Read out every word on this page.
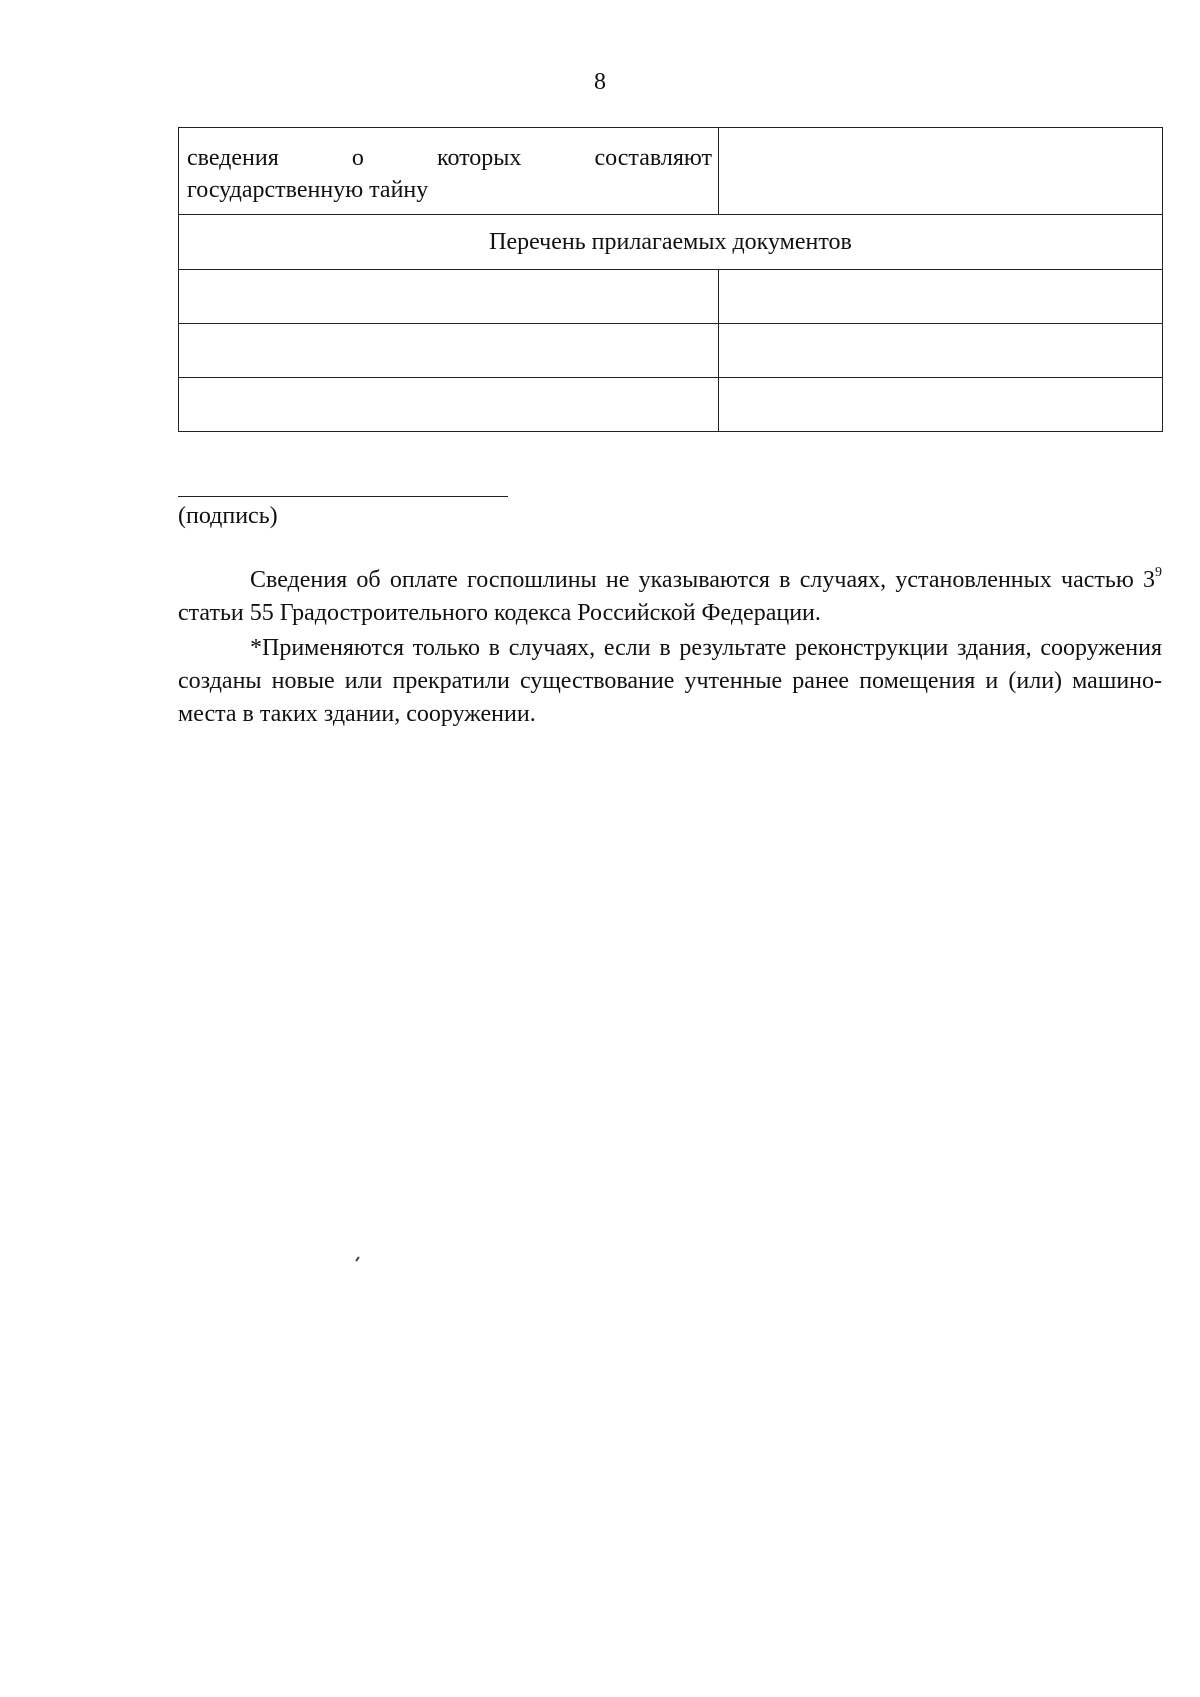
8
сведения о которых составляют
государственную тайну	

Перечень прилагаемых документов	

(подпись)

Сведения об оплате госпошлины не указываются в случаях, установленных частью $3^9$ статьи 55 Градостроительного кодекса Российской Федерации.

*Применяются только в случаях, если в результате реконструкции здания, сооружения созданы новые или прекратили существование учтенные ранее помещения и (или) машино-места в таких здании, сооружении.
